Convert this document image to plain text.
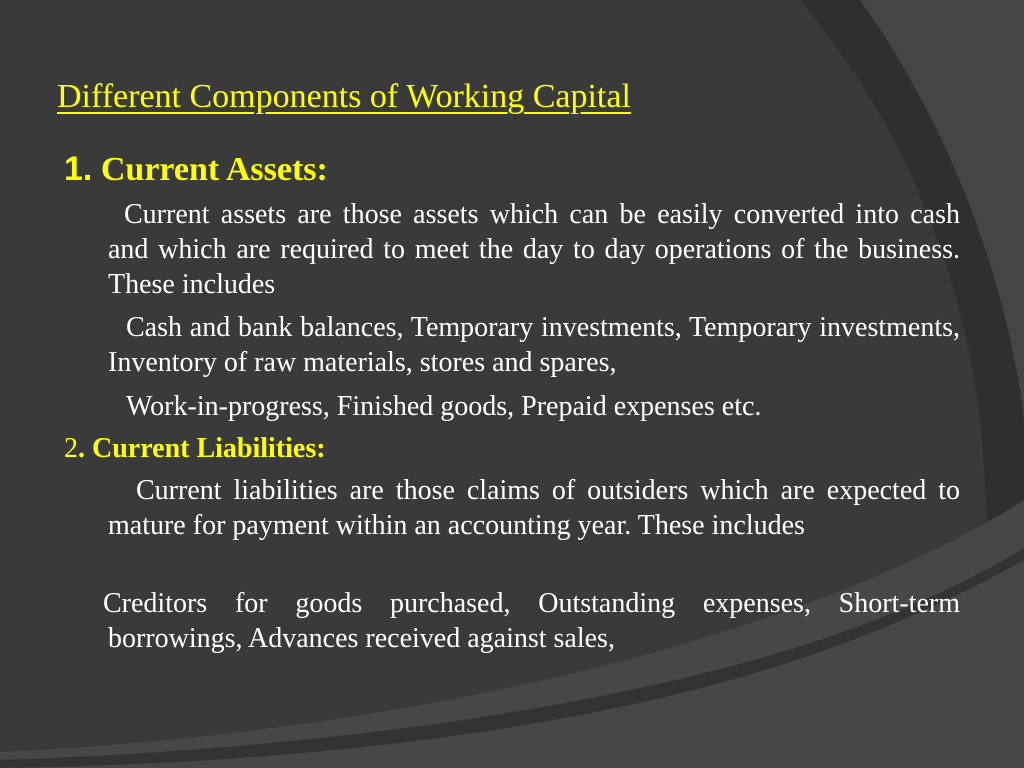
Different Components of Working Capital
1. Current Assets:

Current assets are those assets which can be easily converted into cash and which are required to meet the day to day operations of the business. These includes

Cash and bank balances, Temporary investments, Temporary investments, Inventory of raw materials, stores and spares,
Work-in-progress, Finished goods, Prepaid expenses etc.

2. Current Liabilities:

Current liabilities are those claims of outsiders which are expected to mature for payment within an accounting year. These includes

Creditors for goods purchased, Outstanding expenses, Short-term borrowings, Advances received against sales,
